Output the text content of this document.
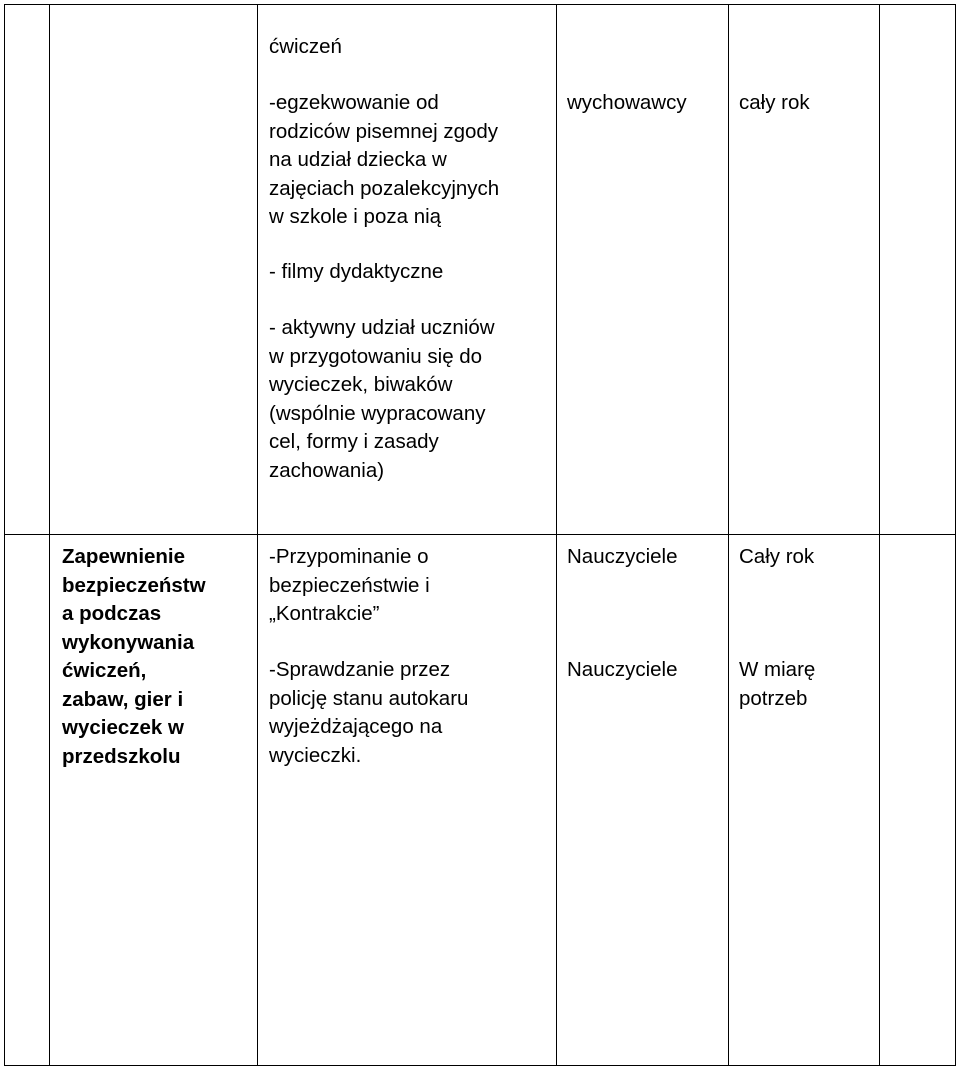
ćwiczeń
-egzekwowanie od
rodziców pisemnej zgody
na udział dziecka w
zajęciach pozalekcyjnych
w szkole i poza nią
- filmy dydaktyczne
- aktywny udział uczniów
w przygotowaniu się do
wycieczek, biwaków
(wspólnie wypracowany
cel, formy i zasady
zachowania)
wychowawcy	cały rok
Zapewnienie
bezpieczeństw
a podczas
wykonywania
ćwiczeń,
zabaw, gier i
wycieczek w
przedszkolu
-Przypominanie o
bezpieczeństwie i
„Kontrakcie”
-Sprawdzanie przez
policję stanu autokaru
wyjeżdżającego na
wycieczki.
Nauczyciele
Nauczyciele
Cały rok
W miarę
potrzeb
